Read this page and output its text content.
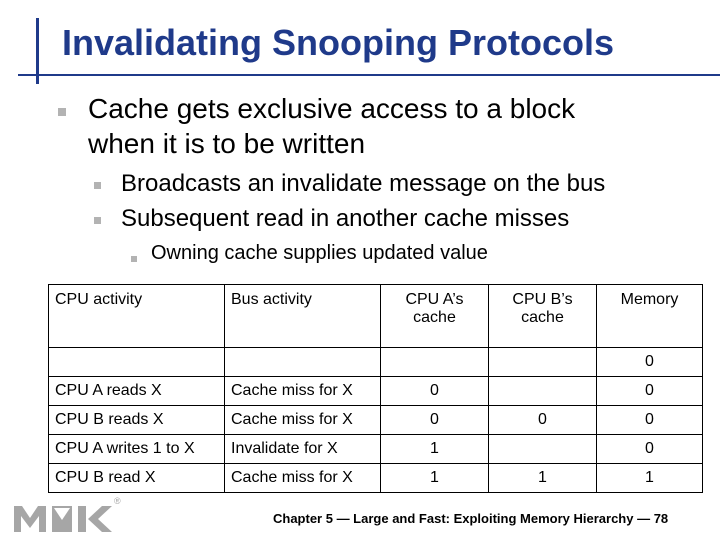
Invalidating Snooping Protocols
Cache gets exclusive access to a block
when it is to be written
Broadcasts an invalidate message on the bus
Subsequent read in another cache misses
Owning cache supplies updated value
CPU activity	Bus activity	CPU A’s cache	CPU B’s cache	Memory
				0
CPU A reads X	Cache miss for X	0		0
CPU B reads X	Cache miss for X	0	0	0
CPU A writes 1 to X	Invalidate for X	1		0
CPU B read X	Cache miss for X	1	1	1
®
Chapter 5 — Large and Fast: Exploiting Memory Hierarchy — 78
